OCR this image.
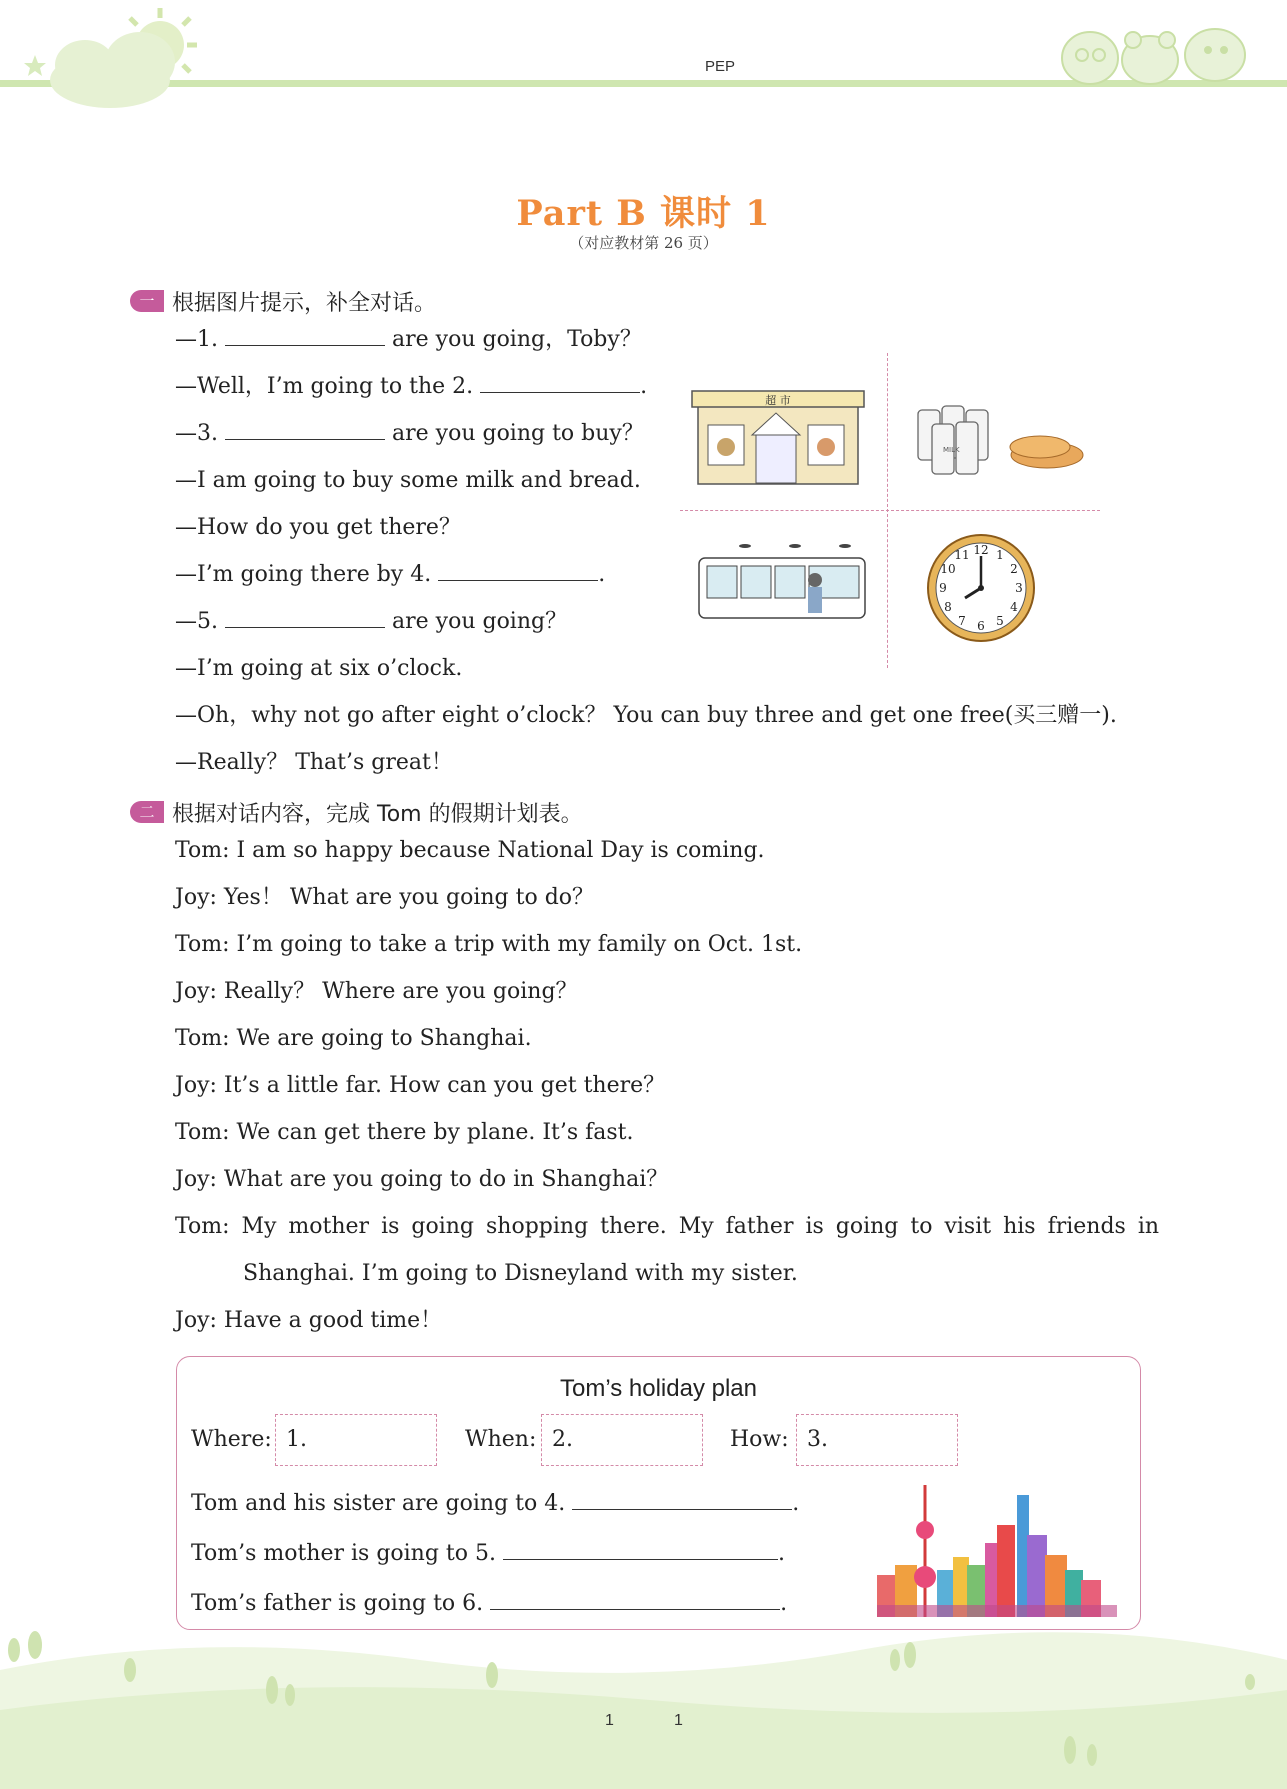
PEP
Part B 课时 1
（对应教材第 26 页）
一 根据图片提示，补全对话。
—1.	are you going，Toby？
—Well，I’m going to the 2.	.
—3.	are you going to buy？
—I am going to buy some milk and bread.
—How do you get there？
—I’m going there by 4.	.
—5.	are you going？
—I’m going at six o’clock.
—Oh，why not go after eight o’clock？ You can buy three and get one free(买三赠一).
—Really？ That’s great！
超 市
MILK
12 1
2
3
4
5
6
7
8
9
10
11
二 根据对话内容，完成 Tom 的假期计划表。
Tom: I am so happy because National Day is coming.
Joy: Yes！ What are you going to do？
Tom: I’m going to take a trip with my family on Oct. 1st.
Joy: Really？ Where are you going？
Tom: We are going to Shanghai.
Joy: It’s a little far. How can you get there？
Tom: We can get there by plane. It’s fast.
Joy: What are you going to do in Shanghai？
Tom: My mother is going shopping there. My father is going to visit his friends in
Shanghai. I’m going to Disneyland with my sister.
Joy: Have a good time！
Tom’s holiday plan
Where: 1.	When: 2.	How: 3.
Tom and his sister are going to 4.	.
Tom’s mother is going to 5.	.
Tom’s father is going to 6.	.
1	1
